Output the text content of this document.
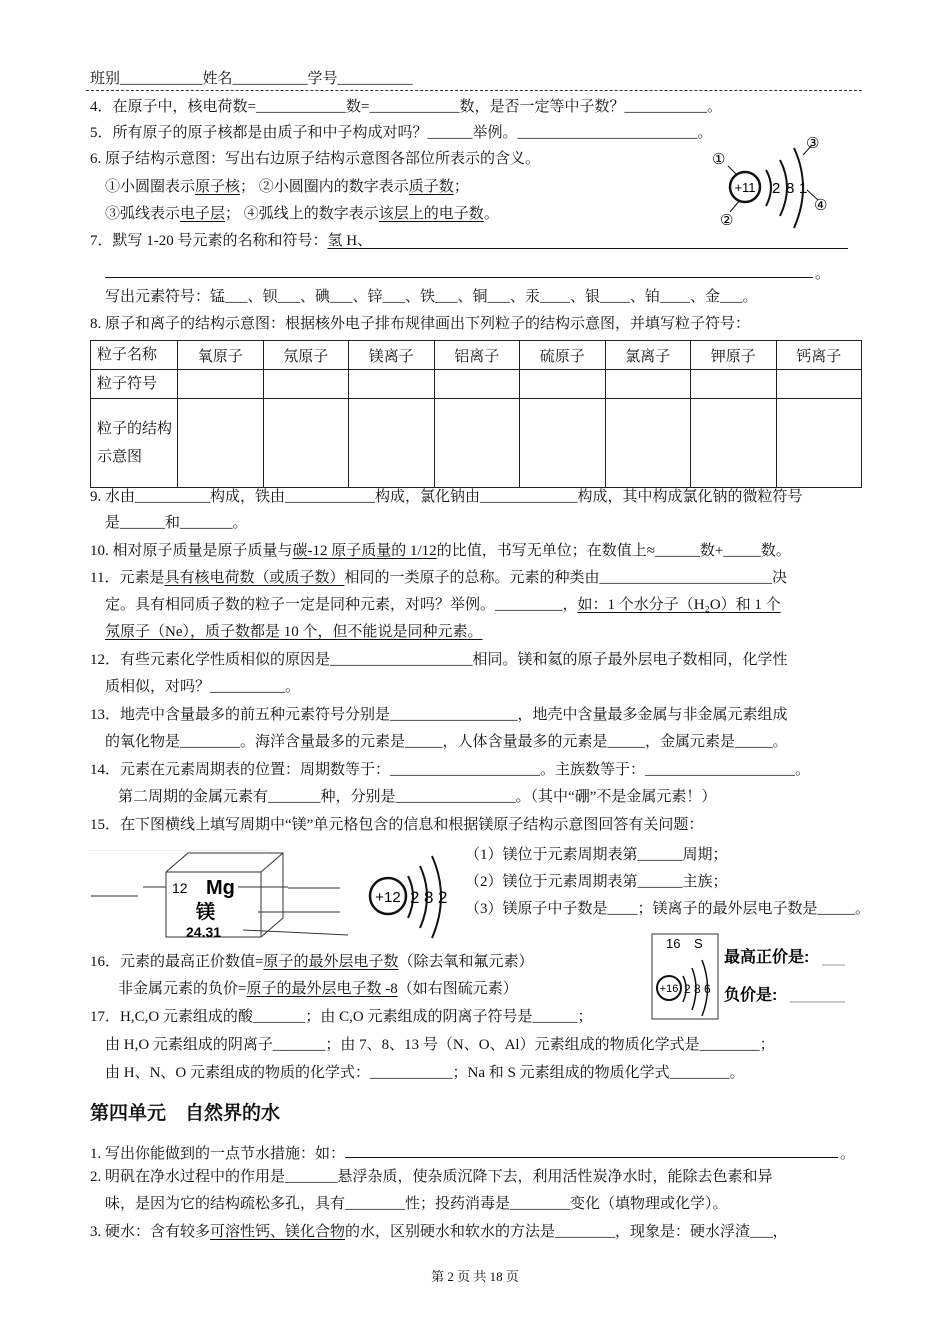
班别 ___________ 姓名 __________ 学号 __________
4．在原子中，核电荷数= ____________ 数= ____________ 数，是否一定等中子数？ ___________ 。
5．所有原子的原子核都是由质子和中子构成对吗？ ______ 举例。 ________________________ 。
6. 原子结构示意图：写出右边原子结构示意图各部位所表示的含义。
①小圆圈表示 原子核 ； ②小圆圈内的数字表示 质子数 ；
③弧线表示 电子层 ； ④弧线上的数字表示 该层上的电子数 。
7．默写 1-20 号元素的名称和符号： 氢 H、
。
写出元素符号：锰___、钡___、碘___、锌___、铁___、铜___、汞____、银____、铂____、金___。
8. 原子和离子的结构示意图：根据核外电子排布规律画出下列粒子的结构示意图，并填写粒子符号：
9. 水由 __________ 构成，铁由 ____________ 构成，氯化钠由 _____________ 构成，其中构成氯化钠的微粒符号
是 ______ 和 _______ 。
10. 相对原子质量是原子质量与 碳-12 原子质量的 1/12 的比值，书写无单位；在数值上≈ ______ 数+ _____ 数。
11．元素是 具有核电荷数（或质子数） 相同的一类原子的总称。元素的种类由 _______________________ 决
定。具有相同质子数的粒子一定是同种元素，对吗？举例。 _________ ， 如：1 个水分子（H₂O）和 1 个
氖原子（Ne），质子数都是 10 个，但不能说是同种元素。
12．有些元素化学性质相似的原因是 ___________________ 相同。镁和氦的原子最外层电子数相同，化学性
质相似，对吗？ __________ 。
13．地壳中含量最多的前五种元素符号分别是 _________________ ，地壳中含量最多金属与非金属元素组成
的氧化物是 ________ 。海洋含量最多的元素是 _____ ，人体含量最多的元素是 _____ ，金属元素是 _____ 。
14．元素在元素周期表的位置：周期数等于： ____________________ 。主族数等于： ____________________ 。
第二周期的金属元素有 _______ 种，分别是 ________________ 。（其中“硼”不是金属元素！）
15．在下图横线上填写周期中“镁”单元格包含的信息和根据镁原子结构示意图回答有关问题：
（1）镁位于元素周期表第 ______ 周期；
（2）镁位于元素周期表第 ______ 主族；
（3）镁原子中子数是 ____ ；镁离子的最外层电子数是 _____ 。
16．元素的最高正价数值= 原子的最外层电子数 （除去氧和氟元素）
非金属元素的负价= 原子的最外层电子数 -8 （如右图硫元素）
17．H,C,O 元素组成的酸 _______ ；由 C,O 元素组成的阴离子符号是 ______ ；
由 H,O 元素组成的阴离子 _______ ；由 7、8、13 号（N、O、Al）元素组成的物质化学式是 ________ ；
由 H、N、O 元素组成的物质的化学式： ___________ ；Na 和 S 元素组成的物质化学式 ________ 。
1. 写出你能做到的一点节水措施：如：	。
2. 明矾在净水过程中的作用是 _______ 悬浮杂质，使杂质沉降下去，利用活性炭净水时，能除去色素和异
味，是因为它的结构疏松多孔，具有 ________ 性；投药消毒是 ________ 变化（填物理或化学）。
3. 硬水：含有较多 可溶性钙、镁化合物 的水，区别硬水和软水的方法是 ________ ，现象是：硬水浮渣 ___ ，
粒子名称	氧原子	氖原子	镁离子	铝离子	硫原子	氯离子	钾原子	钙离子
粒子符号								
粒子的结构示意图								
+11 2 8 1
①
②
③
④
12 Mg
镁
24.31
+12 2 8 2
16 S
+16 2 8 6
最高正价是:
负价是:
第四单元　自然界的水
第 2 页 共 18 页
